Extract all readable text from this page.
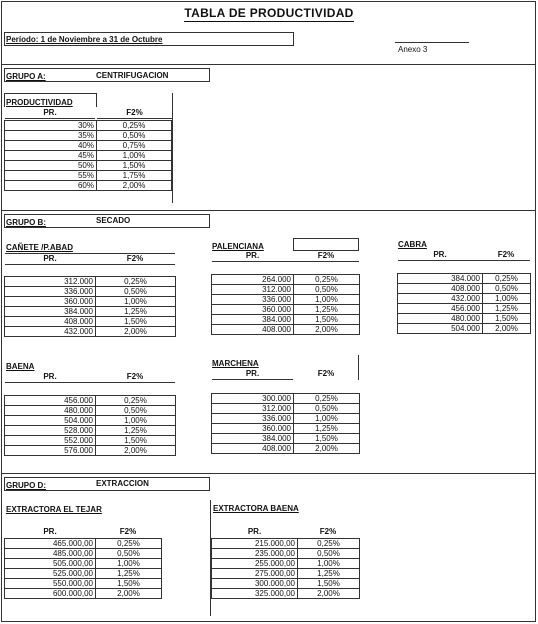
TABLA DE PRODUCTIVIDAD
Período: 1 de Noviembre a 31 de Octubre
Anexo 3
GRUPO A:	CENTRIFUGACION
PRODUCTIVIDAD
PR.	F2%
30%	0,25%
35%	0,50%
40%	0,75%
45%	1,00%
50%	1,50%
55%	1,75%
60%	2,00%
GRUPO B:	SECADO
CAÑETE /P.ABAD
PR.	F2%
312.000	0,25%
336.000	0,50%
360.000	1,00%
384.000	1,25%
408.000	1,50%
432.000	2,00%
PALENCIANA
PR.	F2%
264.000	0,25%
312.000	0,50%
336.000	1,00%
360.000	1,25%
384.000	1,50%
408.000	2,00%
CABRA
PR.	F2%
384.000	0,25%
408.000	0,50%
432.000	1,00%
456.000	1,25%
480.000	1,50%
504.000	2,00%
BAENA
PR.	F2%
456.000	0,25%
480.000	0,50%
504.000	1,00%
528.000	1,25%
552.000	1,50%
576.000	2,00%
MARCHENA
PR.	F2%
300.000	0,25%
312.000	0,50%
336.000	1,00%
360.000	1,25%
384.000	1,50%
408.000	2,00%
GRUPO D:	EXTRACCION
EXTRACTORA EL TEJAR
PR.	F2%
465.000,00	0,25%
485.000,00	0,50%
505.000,00	1,00%
525.000,00	1,25%
550.000,00	1,50%
600.000,00	2,00%
EXTRACTORA BAENA
PR.	F2%
215.000,00	0,25%
235.000,00	0,50%
255.000,00	1,00%
275.000,00	1,25%
300.000,00	1,50%
325.000,00	2,00%
